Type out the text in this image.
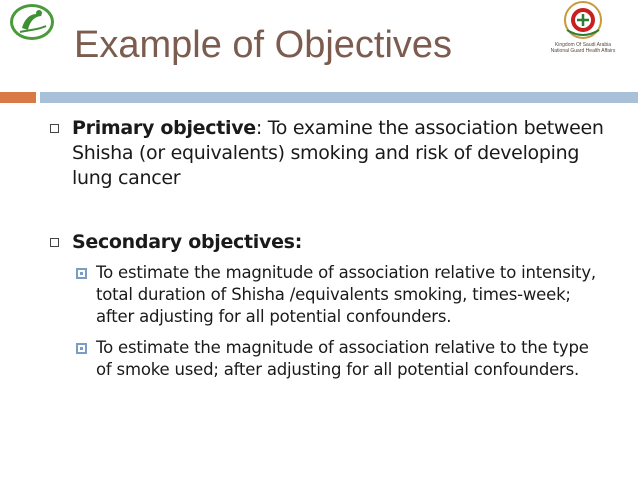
Kingdom Of Saudi Arabia
National Guard Health Affairs
Example of Objectives
Primary objective: To examine the association between Shisha (or equivalents) smoking and risk of developing lung cancer
Secondary objectives:
To estimate the magnitude of association relative to intensity, total duration of Shisha /equivalents smoking, times-week; after adjusting for all potential confounders.
To estimate the magnitude of association relative to the type of smoke used; after adjusting for all potential confounders.
